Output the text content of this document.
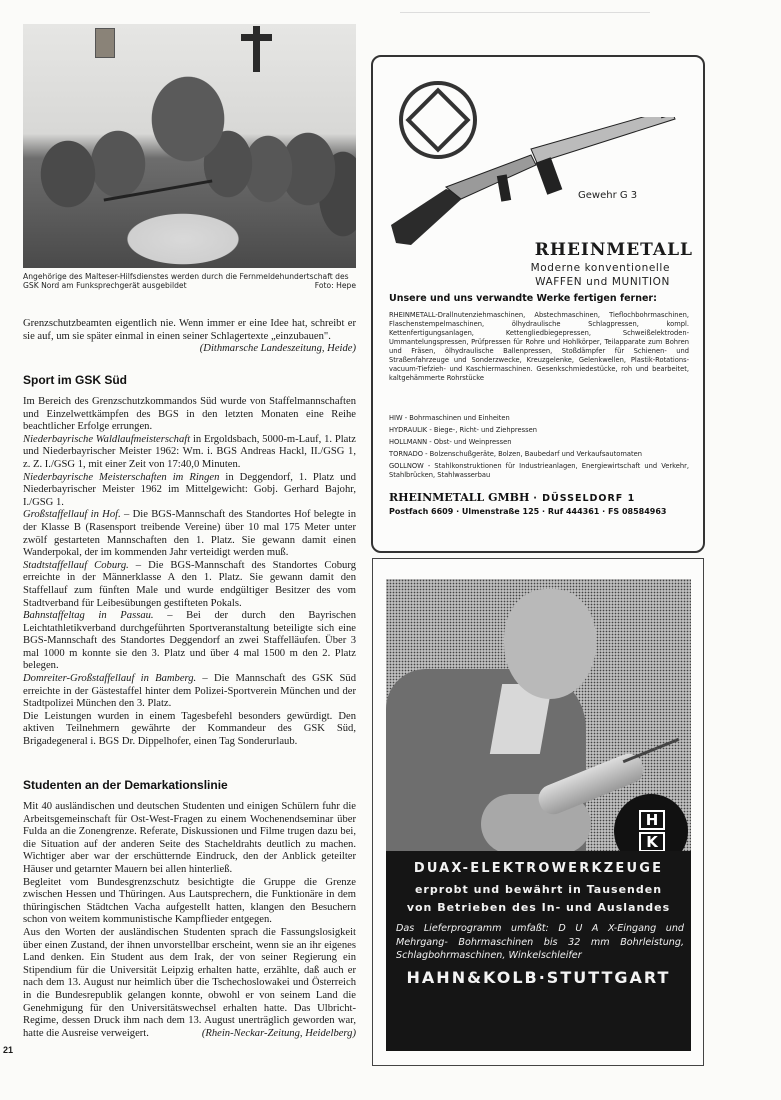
Angehörige des Malteser-Hilfsdienstes werden durch die Fernmeldehundertschaft des GSK Nord am Funksprechgerät ausgebildet	Foto: Hepe

Grenzschutzbeamten eigentlich nie. Wenn immer er eine Idee hat, schreibt er sie auf, um sie später einmal in einen seiner Schlagertexte „einzubauen".
(Dithmarsche Landeszeitung, Heide)

Sport im GSK Süd

Im Bereich des Grenzschutzkommandos Süd wurde von Staffelmannschaften und Einzelwettkämpfen des BGS in den letzten Monaten eine Reihe beachtlicher Erfolge errungen.

Niederbayrische Waldlaufmeisterschaft in Ergoldsbach, 5000-m-Lauf, 1. Platz und Niederbayrischer Meister 1962: Wm. i. BGS Andreas Hackl, II./GSG 1, z. Z. I./GSG 1, mit einer Zeit von 17:40,0 Minuten.

Niederbayrische Meisterschaften im Ringen in Deggendorf, 1. Platz und Niederbayrischer Meister 1962 im Mittelgewicht: Gobj. Gerhard Bajohr, I./GSG 1.

Großstaffellauf in Hof. – Die BGS-Mannschaft des Standortes Hof belegte in der Klasse B (Rasensport treibende Vereine) über 10 mal 175 Meter unter zwölf gestarteten Mannschaften den 1. Platz. Sie gewann damit einen Wanderpokal, der im kommenden Jahr verteidigt werden muß.

Stadtstaffellauf Coburg. – Die BGS-Mannschaft des Standortes Coburg erreichte in der Männerklasse A den 1. Platz. Sie gewann damit den Staffellauf zum fünften Male und wurde endgültiger Besitzer des vom Stadtverband für Leibesübungen gestifteten Pokals.

Bahnstaffeltag in Passau. – Bei der durch den Bayrischen Leichtathletikverband durchgeführten Sportveranstaltung beteiligte sich eine BGS-Mannschaft des Standortes Deggendorf an zwei Staffelläufen. Über 3 mal 1000 m konnte sie den 3. Platz und über 4 mal 1500 m den 2. Platz belegen.

Domreiter-Großstaffellauf in Bamberg. – Die Mannschaft des GSK Süd erreichte in der Gästestaffel hinter dem Polizei-Sportverein München und der Stadtpolizei München den 3. Platz.

Die Leistungen wurden in einem Tagesbefehl besonders gewürdigt. Den aktiven Teilnehmern gewährte der Kommandeur des GSK Süd, Brigadegeneral i. BGS Dr. Dippelhofer, einen Tag Sonderurlaub.

Studenten an der Demarkationslinie

Mit 40 ausländischen und deutschen Studenten und einigen Schülern fuhr die Arbeitsgemeinschaft für Ost-West-Fragen zu einem Wochenendseminar über Fulda an die Zonengrenze. Referate, Diskussionen und Filme trugen dazu bei, die Situation auf der anderen Seite des Stacheldrahts deutlich zu machen. Wichtiger aber war der erschütternde Eindruck, den der Anblick geteilter Häuser und getarnter Mauern bei allen hinterließ.

Begleitet vom Bundesgrenzschutz besichtigte die Gruppe die Grenze zwischen Hessen und Thüringen. Aus Lautsprechern, die Funktionäre in dem thüringischen Städtchen Vacha aufgestellt hatten, klangen den Besuchern schon von weitem kommunistische Kampflieder entgegen.

Aus den Worten der ausländischen Studenten sprach die Fassungslosigkeit über einen Zustand, der ihnen unvorstellbar erscheint, wenn sie an ihr eigenes Land denken. Ein Student aus dem Irak, der von seiner Regierung ein Stipendium für die Universität Leipzig erhalten hatte, erzählte, daß auch er nach dem 13. August nur heimlich über die Tschechoslowakei und Österreich in die Bundesrepublik gelangen konnte, obwohl er von seinem Land die Genehmigung für den Universitätswechsel erhalten hatte. Das Ulbricht-Regime, dessen Druck ihm nach dem 13. August unerträglich geworden war, hatte die Ausreise verweigert.	(Rhein-Neckar-Zeitung, Heidelberg)

21
Gewehr G 3
RHEINMETALL
Moderne konventionelle
WAFFEN und MUNITION
Unsere und uns verwandte Werke fertigen ferner:
RHEINMETALL-Drallnutenziehmaschinen, Abstechmaschinen, Tieflochbohrmaschinen, Flaschenstempelmaschinen, ölhydraulische Schlagpressen, kompl. Kettenfertigungsanlagen, Kettengliedbiegepressen, Schweißelektroden-Ummantelungspressen, Prüfpressen für Rohre und Hohlkörper, Teilapparate zum Bohren und Fräsen, ölhydraulische Ballenpressen, Stoßdämpfer für Schienen- und Straßenfahrzeuge und Sonderzwecke, Kreuzgelenke, Gelenkwellen, Plastik-Rotations-vacuum-Tiefzieh- und Kaschiermaschinen. Gesenkschmiedestücke, roh und bearbeitet, kaltgehämmerte Rohrstücke
HIW - Bohrmaschinen und Einheiten
HYDRAULIK - Biege-, Richt- und Ziehpressen
HOLLMANN - Obst- und Weinpressen
TORNADO - Bolzenschußgeräte, Bolzen, Baubedarf und Verkaufsautomaten
GOLLNOW - Stahlkonstruktionen für Industrieanlagen, Energiewirtschaft und Verkehr, Stahlbrücken, Stahlwasserbau
RHEINMETALL GMBH · DÜSSELDORF 1
Postfach 6609 · Ulmenstraße 125 · Ruf 444361 · FS 08584963
H
K
DUAX-ELEKTROWERKZEUGE
erprobt und bewährt in Tausenden
von Betrieben des In- und Auslandes
Das Lieferprogramm umfaßt: D U A X-Eingang und Mehrgang- Bohrmaschinen bis 32 mm Bohrleistung, Schlagbohrmaschinen, Winkelschleifer
HAHN&KOLB·STUTTGART
